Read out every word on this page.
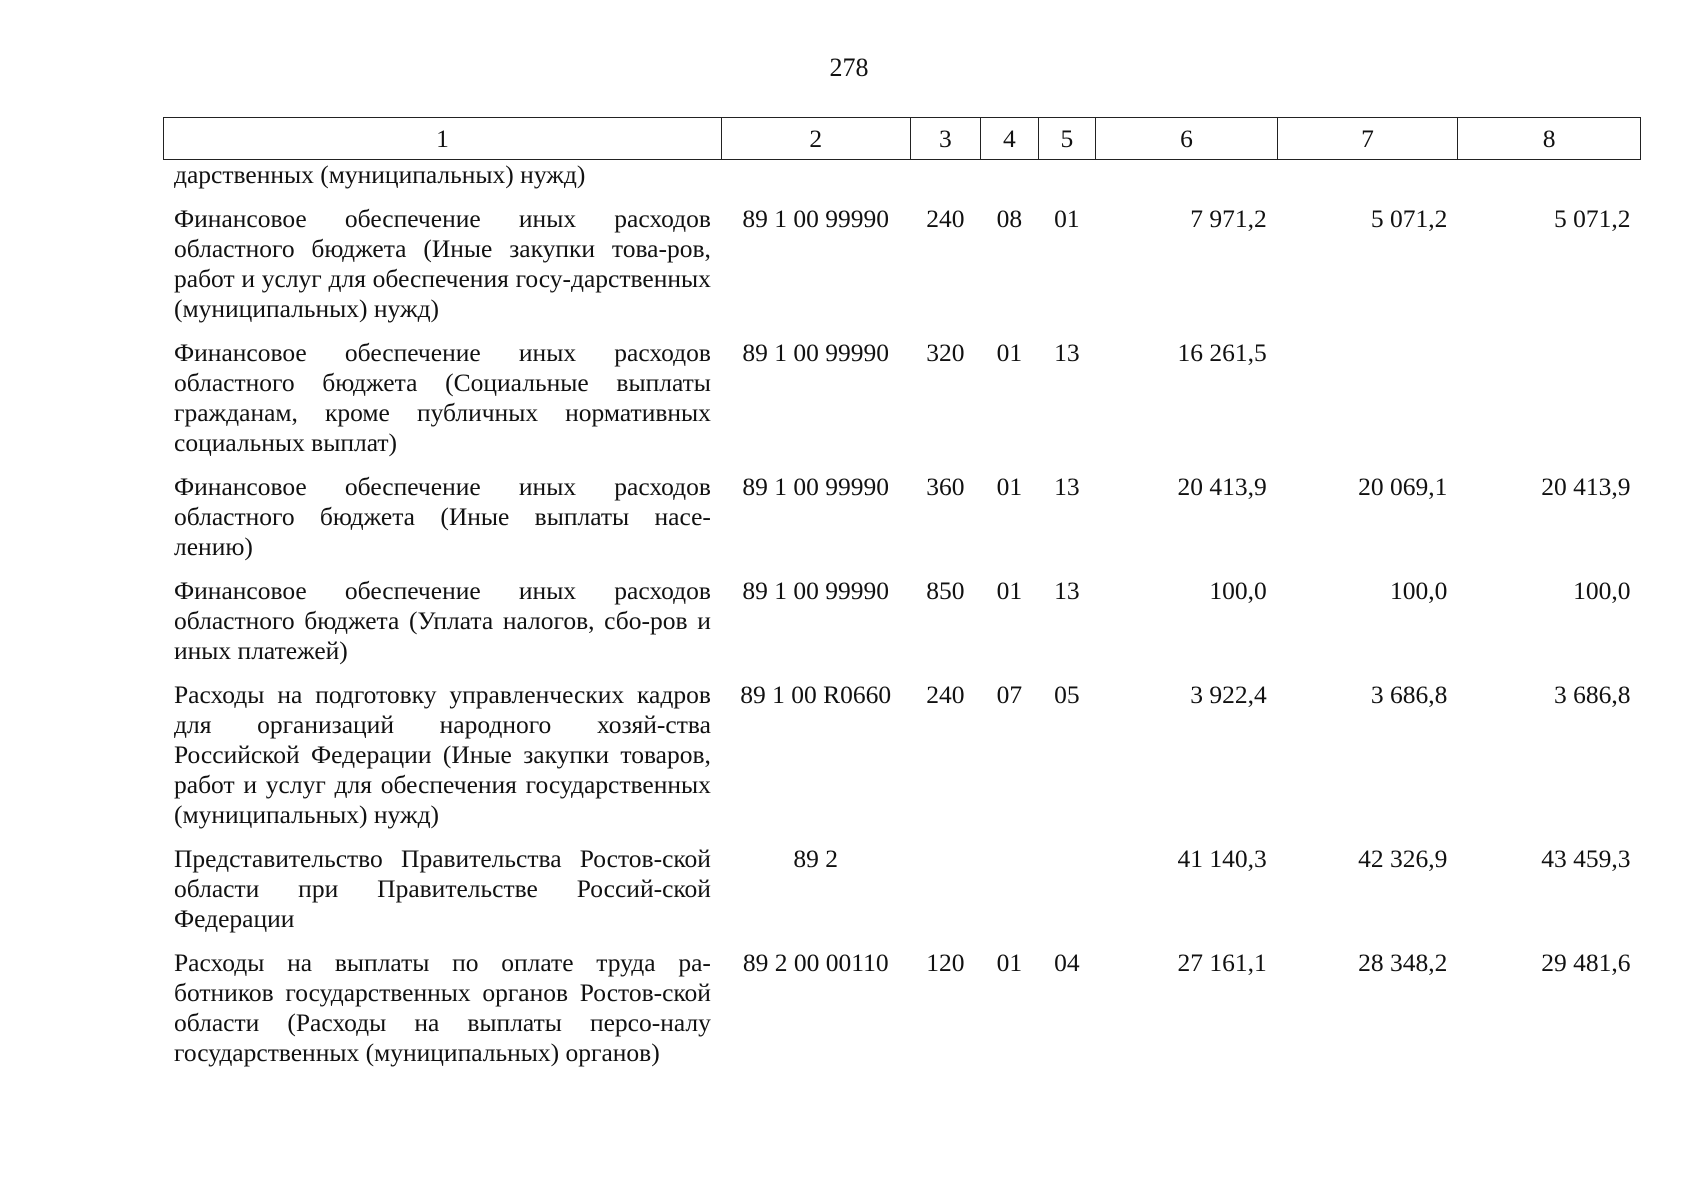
278
1	2	3	4	5	6	7	8
дарственных (муниципальных) нужд)							
Финансовое обеспечение иных расходов областного бюджета (Иные закупки това-ров, работ и услуг для обеспечения госу-дарственных (муниципальных) нужд)	89 1 00 99990	240	08	01	7 971,2	5 071,2	5 071,2
Финансовое обеспечение иных расходов областного бюджета (Социальные выплаты гражданам, кроме публичных нормативных социальных выплат)	89 1 00 99990	320	01	13	16 261,5		
Финансовое обеспечение иных расходов областного бюджета (Иные выплаты насе-лению)	89 1 00 99990	360	01	13	20 413,9	20 069,1	20 413,9
Финансовое обеспечение иных расходов областного бюджета (Уплата налогов, сбо-ров и иных платежей)	89 1 00 99990	850	01	13	100,0	100,0	100,0
Расходы на подготовку управленческих кадров для организаций народного хозяй-ства Российской Федерации (Иные закупки товаров, работ и услуг для обеспечения государственных (муниципальных) нужд)	89 1 00 R0660	240	07	05	3 922,4	3 686,8	3 686,8
Представительство Правительства Ростов-ской области при Правительстве Россий-ской Федерации	89 2				41 140,3	42 326,9	43 459,3
Расходы на выплаты по оплате труда ра-ботников государственных органов Ростов-ской области (Расходы на выплаты персо-налу государственных (муниципальных) органов)	89 2 00 00110	120	01	04	27 161,1	28 348,2	29 481,6
